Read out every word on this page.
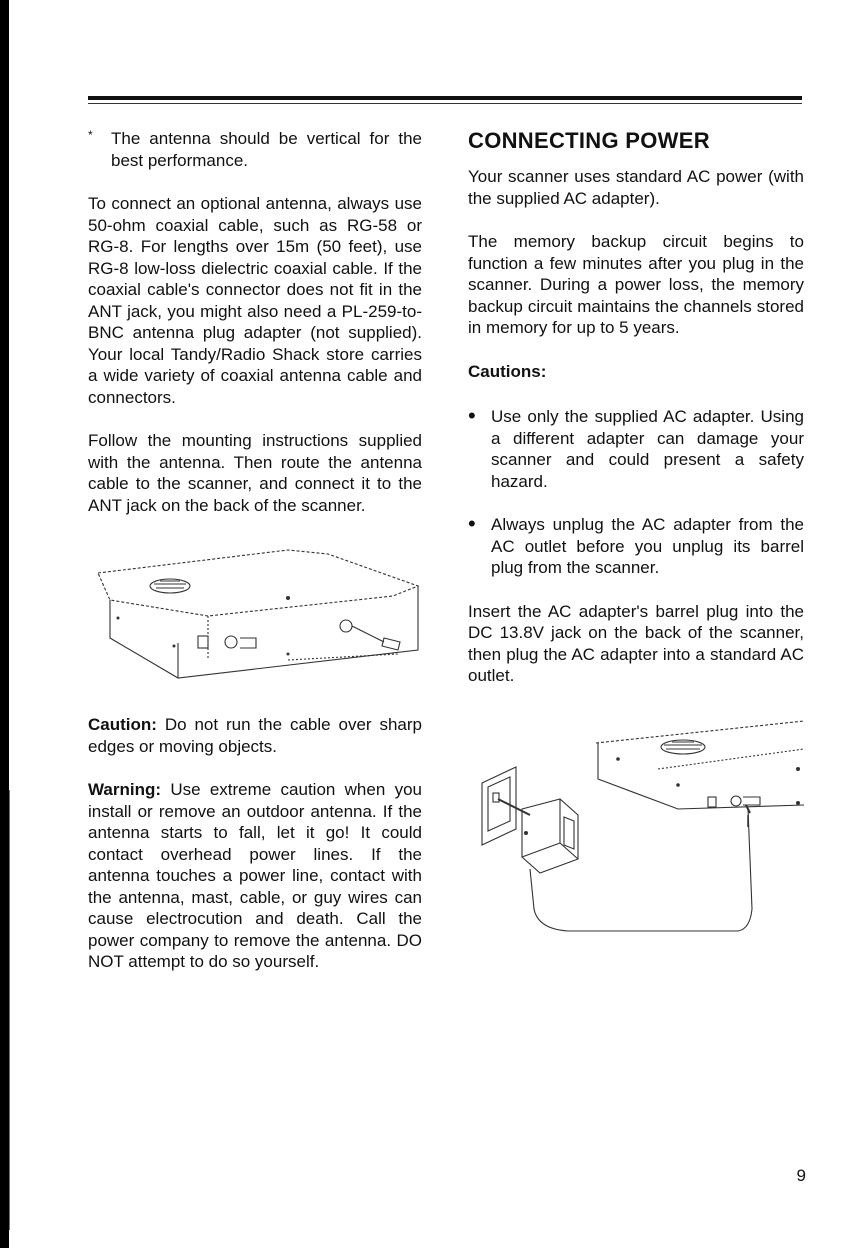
* The antenna should be vertical for the best performance.

To connect an optional antenna, always use 50-ohm coaxial cable, such as RG-58 or RG-8. For lengths over 15m (50 feet), use RG-8 low-loss dielectric coaxial cable. If the coaxial cable's connector does not fit in the ANT jack, you might also need a PL-259-to-BNC antenna plug adapter (not supplied). Your local Tandy/Radio Shack store carries a wide variety of coaxial antenna cable and connectors.

Follow the mounting instructions supplied with the antenna. Then route the antenna cable to the scanner, and connect it to the ANT jack on the back of the scanner.

Caution: Do not run the cable over sharp edges or moving objects.

Warning: Use extreme caution when you install or remove an outdoor antenna. If the antenna starts to fall, let it go! It could contact overhead power lines. If the antenna touches a power line, contact with the antenna, mast, cable, or guy wires can cause electrocution and death. Call the power company to remove the antenna. DO NOT attempt to do so yourself.

CONNECTING POWER

Your scanner uses standard AC power (with the supplied AC adapter).

The memory backup circuit begins to function a few minutes after you plug in the scanner. During a power loss, the memory backup circuit maintains the channels stored in memory for up to 5 years.

Cautions:
• Use only the supplied AC adapter. Using a different adapter can damage your scanner and could present a safety hazard.
• Always unplug the AC adapter from the AC outlet before you unplug its barrel plug from the scanner.

Insert the AC adapter's barrel plug into the DC 13.8V jack on the back of the scanner, then plug the AC adapter into a standard AC outlet.

9
